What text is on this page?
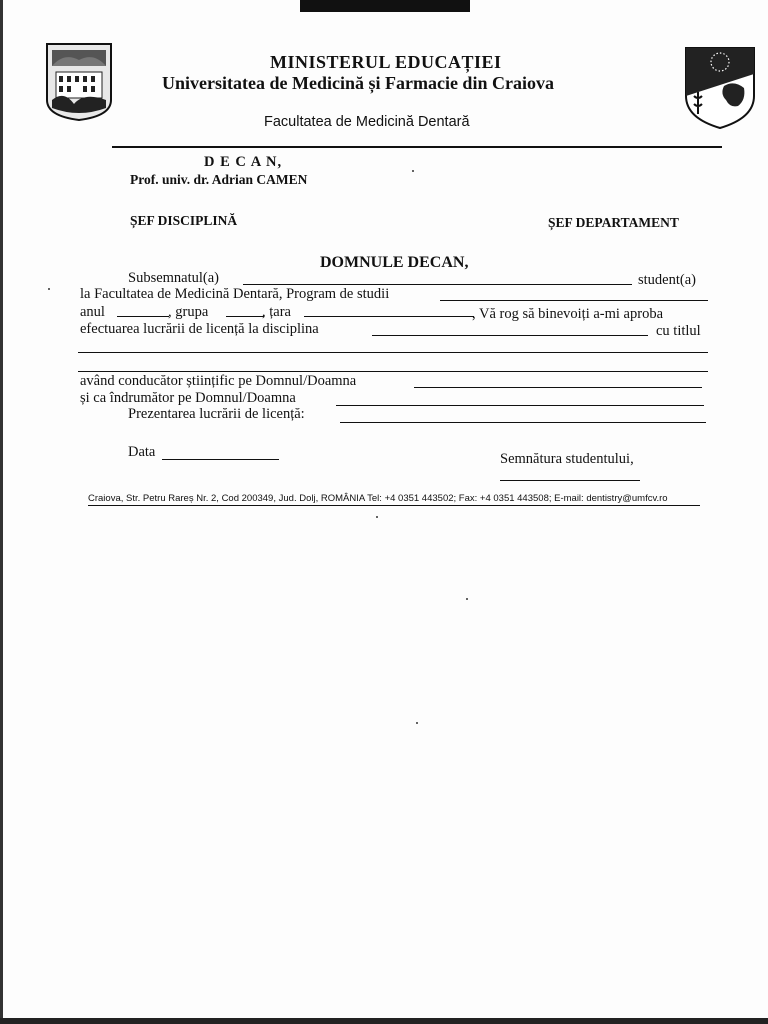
MINISTERUL EDUCAȚIEI
Universitatea de Medicină și Farmacie din Craiova
Facultatea de Medicină Dentară
D E C A N,
Prof. univ. dr. Adrian CAMEN
ȘEF DISCIPLINĂ	ȘEF DEPARTAMENT
DOMNULE DECAN,
Subsemnatul(a)	student(a)
la Facultatea de Medicină Dentară, Program de studii
anul	, grupa	, țara	, Vă rog să binevoiți a-mi aproba
efectuarea lucrării de licență la disciplina	cu titlul
având conducător științific pe Domnul/Doamna
și ca îndrumător pe Domnul/Doamna
Prezentarea lucrării de licență:
Data	Semnătura studentului,
Craiova, Str. Petru Rareș Nr. 2, Cod 200349, Jud. Dolj, ROMÂNIA Tel: +4 0351 443502; Fax: +4 0351 443508; E-mail: dentistry@umfcv.ro
